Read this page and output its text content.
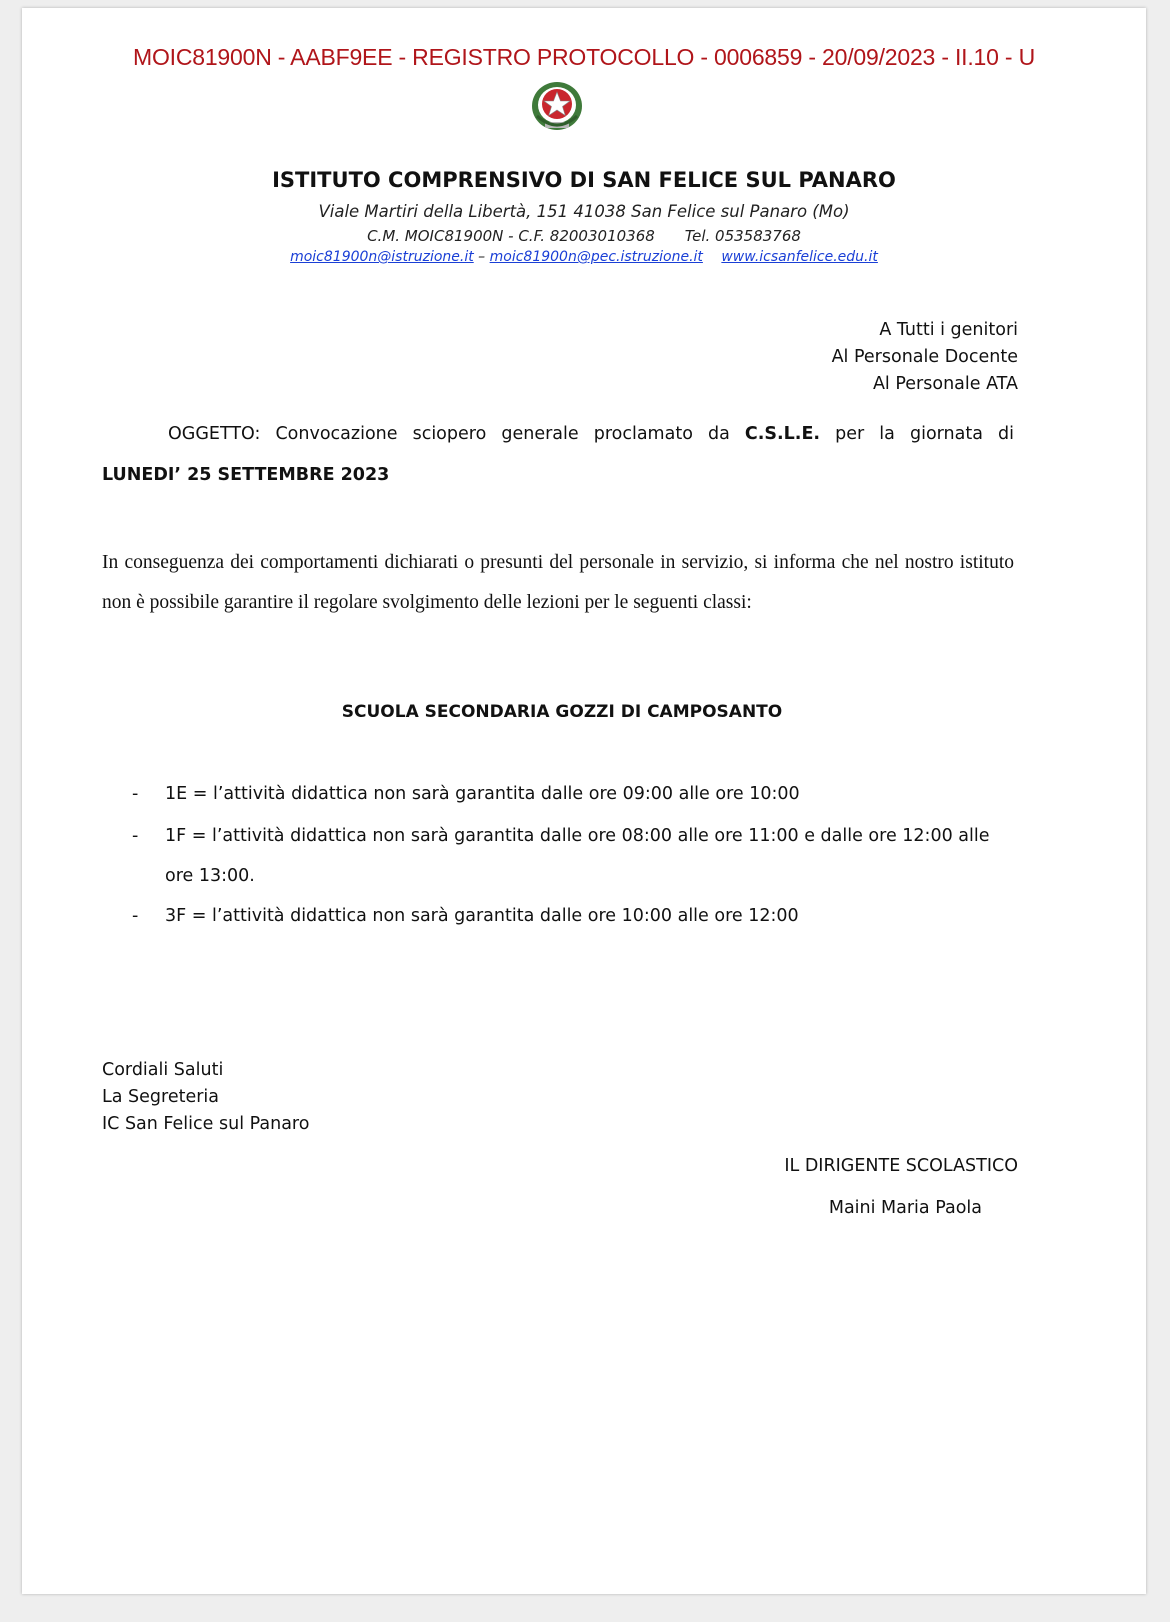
MOIC81900N - AABF9EE - REGISTRO PROTOCOLLO - 0006859 - 20/09/2023 - II.10 - U
ISTITUTO COMPRENSIVO DI SAN FELICE SUL PANARO
Viale Martiri della Libertà, 151 41038 San Felice sul Panaro (Mo)
C.M. MOIC81900N - C.F. 82003010368 Tel. 053583768
moic81900n@istruzione.it – moic81900n@pec.istruzione.it www.icsanfelice.edu.it
A Tutti i genitori
Al Personale Docente
Al Personale ATA
OGGETTO: Convocazione sciopero generale proclamato da C.S.L.E. per la giornata di
LUNEDI’ 25 SETTEMBRE 2023
In conseguenza dei comportamenti dichiarati o presunti del personale in servizio, si informa che nel nostro istituto non è possibile garantire il regolare svolgimento delle lezioni per le seguenti classi:
SCUOLA SECONDARIA GOZZI DI CAMPOSANTO
- 1E = l’attività didattica non sarà garantita dalle ore 09:00 alle ore 10:00
- 1F = l’attività didattica non sarà garantita dalle ore 08:00 alle ore 11:00 e dalle ore 12:00 alle ore 13:00.
- 3F = l’attività didattica non sarà garantita dalle ore 10:00 alle ore 12:00
Cordiali Saluti
La Segreteria
IC San Felice sul Panaro
IL DIRIGENTE SCOLASTICO
Maini Maria Paola
